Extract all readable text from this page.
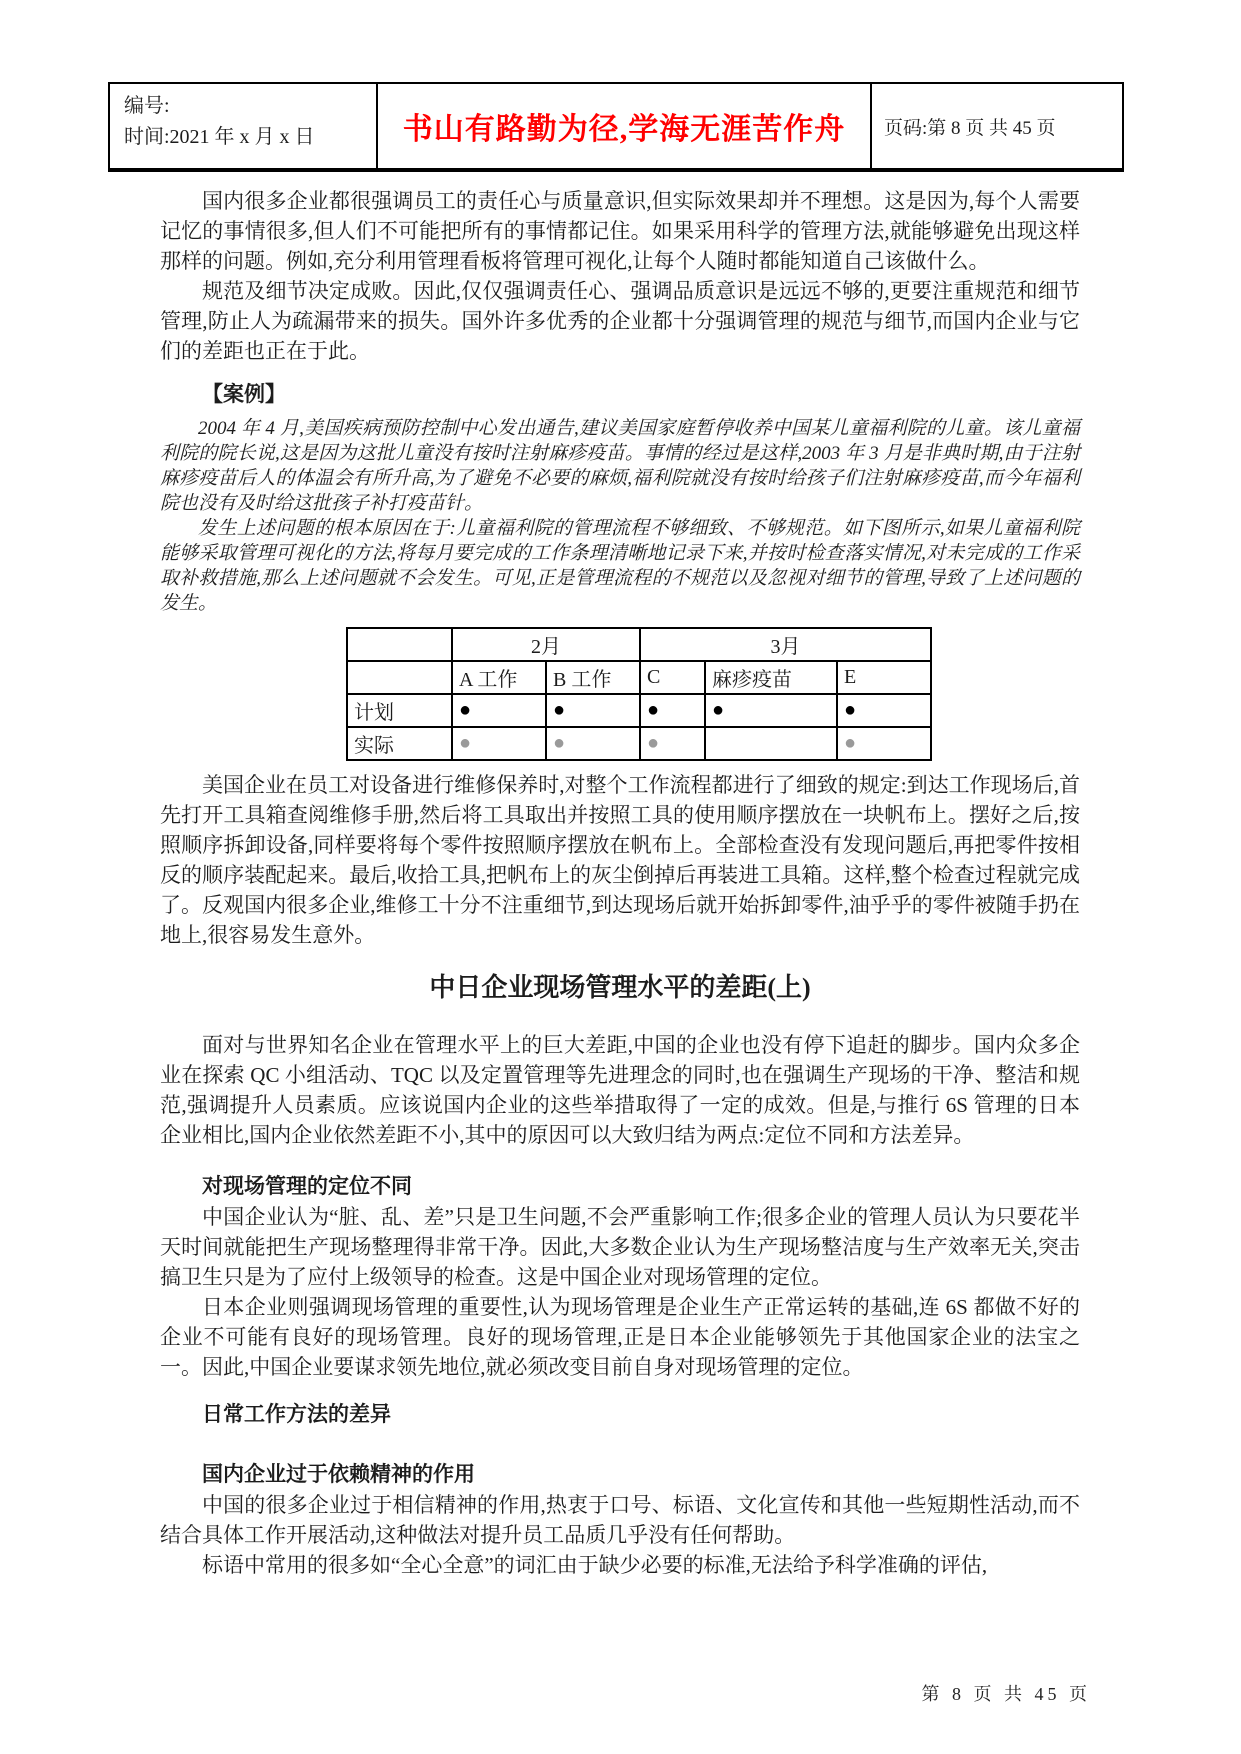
编号:
时间:2021 年 x 月 x 日	书山有路勤为径,学海无涯苦作舟 页码:第 8 页 共 45 页

国内很多企业都很强调员工的责任心与质量意识,但实际效果却并不理想。这是因为,每个人需要记忆的事情很多,但人们不可能把所有的事情都记住。如果采用科学的管理方法,就能够避免出现这样那样的问题。例如,充分利用管理看板将管理可视化,让每个人随时都能知道自己该做什么。

规范及细节决定成败。因此,仅仅强调责任心、强调品质意识是远远不够的,更要注重规范和细节管理,防止人为疏漏带来的损失。国外许多优秀的企业都十分强调管理的规范与细节,而国内企业与它们的差距也正在于此。

【案例】

2004 年 4 月,美国疾病预防控制中心发出通告,建议美国家庭暂停收养中国某儿童福利院的儿童。该儿童福利院的院长说,这是因为这批儿童没有按时注射麻疹疫苗。事情的经过是这样,2003 年 3 月是非典时期,由于注射麻疹疫苗后人的体温会有所升高,为了避免不必要的麻烦,福利院就没有按时给孩子们注射麻疹疫苗,而今年福利院也没有及时给这批孩子补打疫苗针。

发生上述问题的根本原因在于:儿童福利院的管理流程不够细致、不够规范。如下图所示,如果儿童福利院能够采取管理可视化的方法,将每月要完成的工作条理清晰地记录下来,并按时检查落实情况,对未完成的工作采取补救措施,那么上述问题就不会发生。可见,正是管理流程的不规范以及忽视对细节的管理,导致了上述问题的发生。

	2月		3月		
	A 工作	B 工作	C	麻疹疫苗	E
计划	●	●	●	●	●
实际	●	●	●		●

美国企业在员工对设备进行维修保养时,对整个工作流程都进行了细致的规定:到达工作现场后,首先打开工具箱查阅维修手册,然后将工具取出并按照工具的使用顺序摆放在一块帆布上。摆好之后,按照顺序拆卸设备,同样要将每个零件按照顺序摆放在帆布上。全部检查没有发现问题后,再把零件按相反的顺序装配起来。最后,收拾工具,把帆布上的灰尘倒掉后再装进工具箱。这样,整个检查过程就完成了。反观国内很多企业,维修工十分不注重细节,到达现场后就开始拆卸零件,油乎乎的零件被随手扔在地上,很容易发生意外。

中日企业现场管理水平的差距(上)

面对与世界知名企业在管理水平上的巨大差距,中国的企业也没有停下追赶的脚步。国内众多企业在探索 QC 小组活动、TQC 以及定置管理等先进理念的同时,也在强调生产现场的干净、整洁和规范,强调提升人员素质。应该说国内企业的这些举措取得了一定的成效。但是,与推行 6S 管理的日本企业相比,国内企业依然差距不小,其中的原因可以大致归结为两点:定位不同和方法差异。

对现场管理的定位不同

中国企业认为“脏、乱、差”只是卫生问题,不会严重影响工作;很多企业的管理人员认为只要花半天时间就能把生产现场整理得非常干净。因此,大多数企业认为生产现场整洁度与生产效率无关,突击搞卫生只是为了应付上级领导的检查。这是中国企业对现场管理的定位。

日本企业则强调现场管理的重要性,认为现场管理是企业生产正常运转的基础,连 6S 都做不好的企业不可能有良好的现场管理。良好的现场管理,正是日本企业能够领先于其他国家企业的法宝之一。因此,中国企业要谋求领先地位,就必须改变目前自身对现场管理的定位。

日常工作方法的差异
国内企业过于依赖精神的作用

中国的很多企业过于相信精神的作用,热衷于口号、标语、文化宣传和其他一些短期性活动,而不结合具体工作开展活动,这种做法对提升员工品质几乎没有任何帮助。

标语中常用的很多如“全心全意”的词汇由于缺少必要的标准,无法给予科学准确的评估,

第 8 页 共 45 页
